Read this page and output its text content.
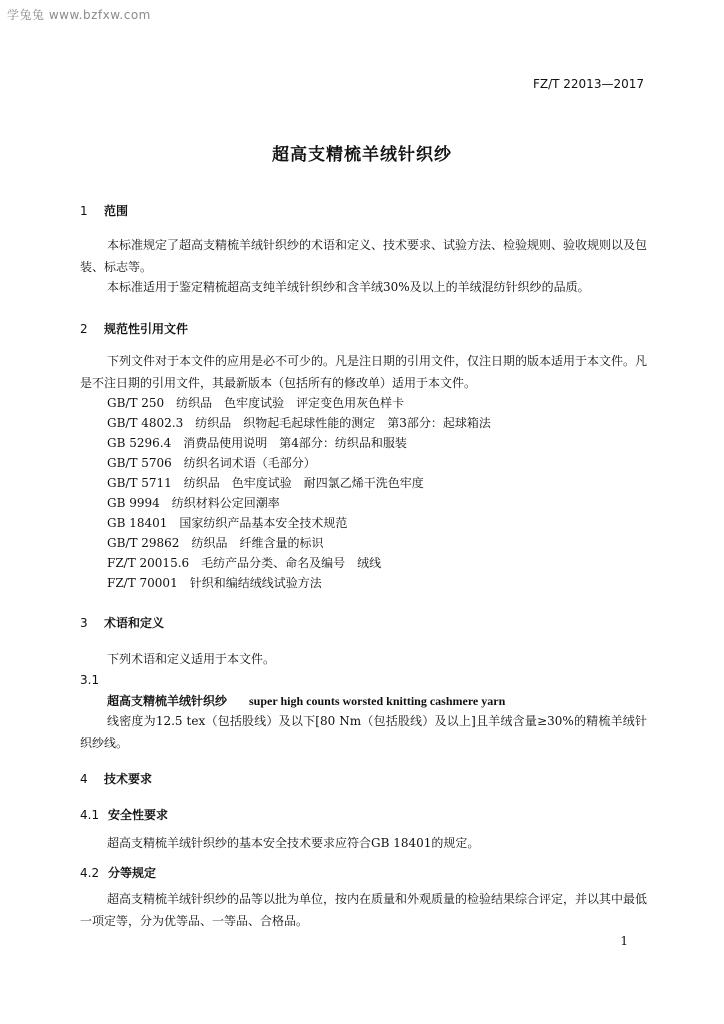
学兔兔 www.bzfxw.com
FZ/T 22013—2017
超高支精梳羊绒针织纱
1 范围
本标准规定了超高支精梳羊绒针织纱的术语和定义、技术要求、试验方法、检验规则、验收规则以及包装、标志等。
本标准适用于鉴定精梳超高支纯羊绒针织纱和含羊绒30%及以上的羊绒混纺针织纱的品质。
2 规范性引用文件
下列文件对于本文件的应用是必不可少的。凡是注日期的引用文件，仅注日期的版本适用于本文件。凡是不注日期的引用文件，其最新版本（包括所有的修改单）适用于本文件。
GB/T 250　纺织品　色牢度试验　评定变色用灰色样卡
GB/T 4802.3　纺织品　织物起毛起球性能的测定　第3部分：起球箱法
GB 5296.4　消费品使用说明　第4部分：纺织品和服装
GB/T 5706　纺织名词术语（毛部分）
GB/T 5711　纺织品　色牢度试验　耐四氯乙烯干洗色牢度
GB 9994　纺织材料公定回潮率
GB 18401　国家纺织产品基本安全技术规范
GB/T 29862　纺织品　纤维含量的标识
FZ/T 20015.6　毛纺产品分类、命名及编号　绒线
FZ/T 70001　针织和编结绒线试验方法
3 术语和定义
下列术语和定义适用于本文件。
3.1
超高支精梳羊绒针织纱 super high counts worsted knitting cashmere yarn
线密度为12.5 tex（包括股线）及以下[80 Nm（包括股线）及以上]且羊绒含量≥30%的精梳羊绒针织纱线。
4 技术要求
4.1 安全性要求
超高支精梳羊绒针织纱的基本安全技术要求应符合GB 18401的规定。
4.2 分等规定
超高支精梳羊绒针织纱的品等以批为单位，按内在质量和外观质量的检验结果综合评定，并以其中最低一项定等，分为优等品、一等品、合格品。
1
